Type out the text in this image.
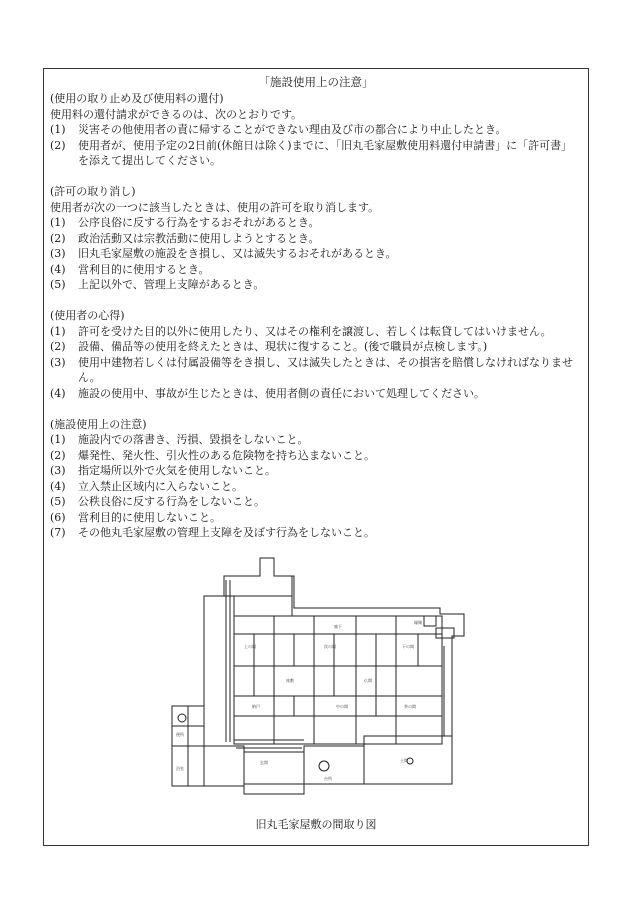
「施設使用上の注意」
(使用の取り止め及び使用料の還付)
使用料の還付請求ができるのは、次のとおりです。
(1)	災害その他使用者の責に帰することができない理由及び市の都合により中止したとき。
(2)	使用者が、使用予定の2日前(休館日は除く)までに、「旧丸毛家屋敷使用料還付申請書」に「許可書」を添えて提出してください。
(許可の取り消し)
使用者が次の一つに該当したときは、使用の許可を取り消します。
(1)	公序良俗に反する行為をするおそれがあるとき。
(2)	政治活動又は宗教活動に使用しようとするとき。
(3)	旧丸毛家屋敷の施設をき損し、又は滅失するおそれがあるとき。
(4)	営利目的に使用するとき。
(5)	上記以外で、管理上支障があるとき。
(使用者の心得)
(1)	許可を受けた目的以外に使用したり、又はその権利を譲渡し、若しくは転貸してはいけません。
(2)	設備、備品等の使用を終えたときは、現状に復すること。(後で職員が点検します。)
(3)	使用中建物若しくは付属設備等をき損し、又は滅失したときは、その損害を賠償しなければなりません。
(4)	施設の使用中、事故が生じたときは、使用者側の責任において処理してください。
(施設使用上の注意)
(1)	施設内での落書き、汚損、毀損をしないこと。
(2)	爆発性、発火性、引火性のある危険物を持ち込まないこと。
(3)	指定場所以外で火気を使用しないこと。
(4)	立入禁止区域内に入らないこと。
(5)	公秩良俗に反する行為をしないこと。
(6)	営利目的に使用しないこと。
(7)	その他丸毛家屋敷の管理上支障を及ぼす行為をしないこと。
上の間	次の間	下の間
座敷	仏間
納戸	中の間	茶の間
土間
台所
玄関
浴室
便所
廊下
縁側
旧丸毛家屋敷の間取り図
